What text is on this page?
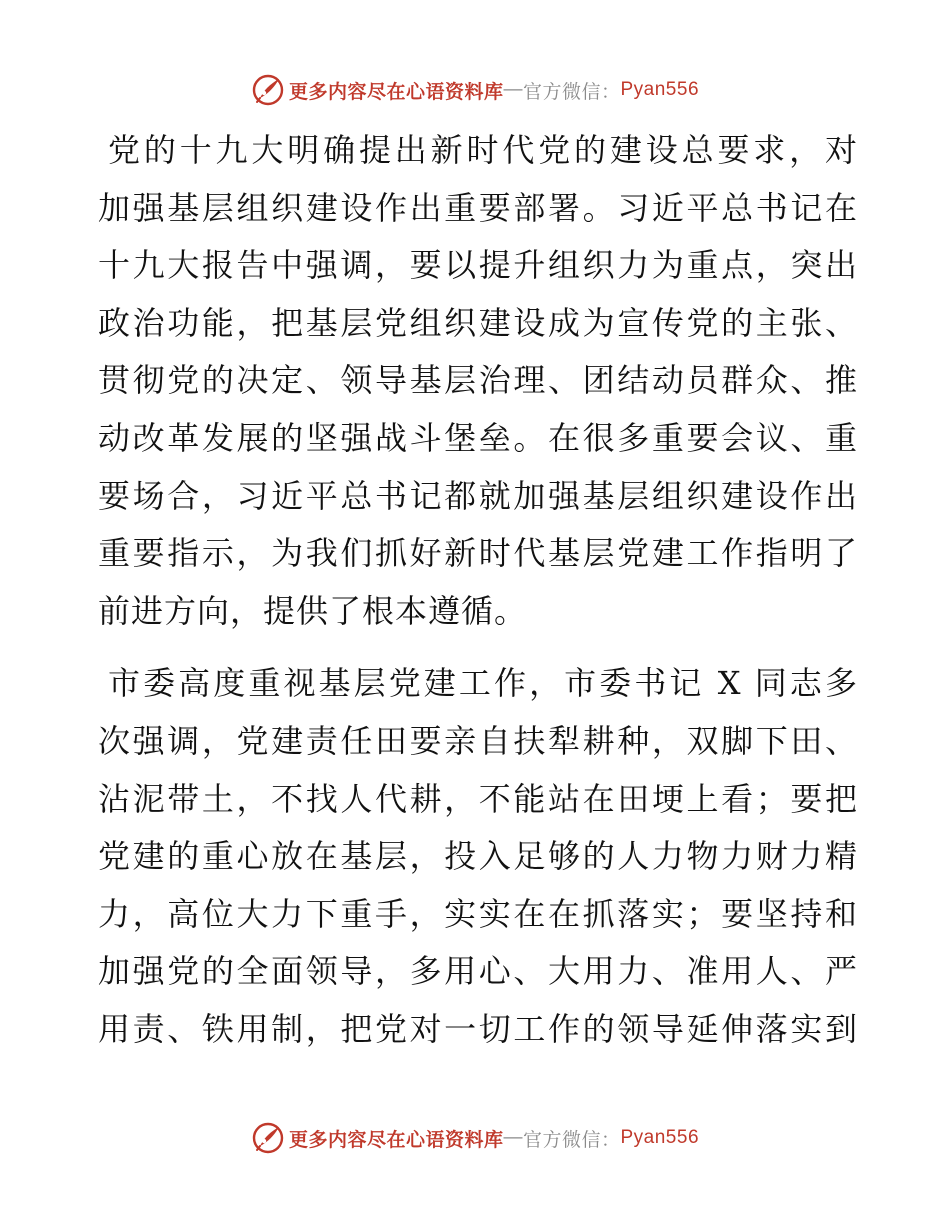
更多内容尽在心语资料库 — 官方微信： Pyan556
党的十九大明确提出新时代党的建设总要求，对
加强基层组织建设作出重要部署。习近平总书记在
十九大报告中强调，要以提升组织力为重点，突出
政治功能，把基层党组织建设成为宣传党的主张、
贯彻党的决定、领导基层治理、团结动员群众、推
动改革发展的坚强战斗堡垒。在很多重要会议、重
要场合，习近平总书记都就加强基层组织建设作出
重要指示，为我们抓好新时代基层党建工作指明了
前进方向，提供了根本遵循。
市委高度重视基层党建工作，市委书记 X 同志多
次强调，党建责任田要亲自扶犁耕种，双脚下田、
沾泥带土，不找人代耕，不能站在田埂上看；要把
党建的重心放在基层，投入足够的人力物力财力精
力，高位大力下重手，实实在在抓落实；要坚持和
加强党的全面领导，多用心、大用力、准用人、严
用责、铁用制，把党对一切工作的领导延伸落实到
更多内容尽在心语资料库 — 官方微信： Pyan556
